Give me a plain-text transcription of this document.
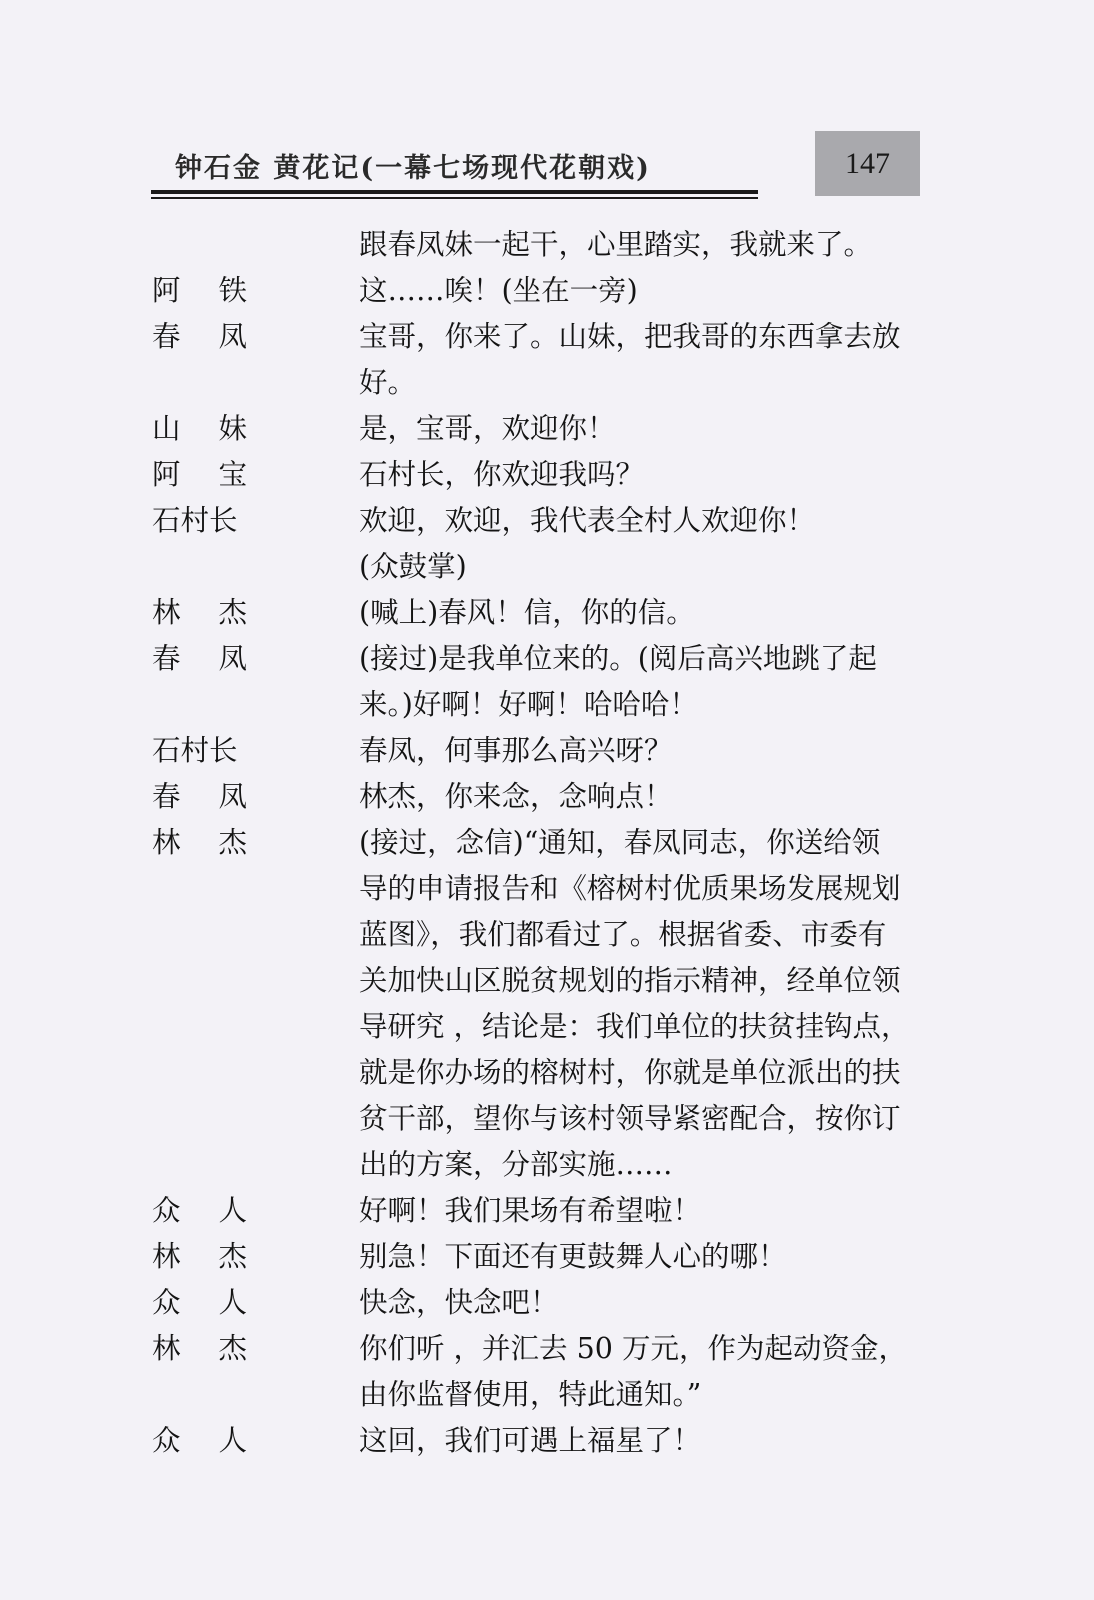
钟石金 黄花记(一幕七场现代花朝戏)	147
跟春凤妹一起干，心里踏实，我就来了。
阿铁	这……唉！(坐在一旁)
春凤	宝哥，你来了。山妹，把我哥的东西拿去放
好。
山妹	是，宝哥，欢迎你！
阿宝	石村长，你欢迎我吗？
石村长	欢迎，欢迎，我代表全村人欢迎你！
(众鼓掌)
林杰	(喊上)春风！信，你的信。
春凤	(接过)是我单位来的。(阅后高兴地跳了起
来。)好啊！好啊！哈哈哈！
石村长	春凤，何事那么高兴呀？
春凤	林杰，你来念，念响点！
林杰	(接过，念信)“通知，春凤同志，你送给领
导的申请报告和《榕树村优质果场发展规划
蓝图》，我们都看过了。根据省委、市委有
关加快山区脱贫规划的指示精神，经单位领
导研究 ，结论是：我们单位的扶贫挂钩点，
就是你办场的榕树村，你就是单位派出的扶
贫干部，望你与该村领导紧密配合，按你订
出的方案，分部实施……
众人	好啊！我们果场有希望啦！
林杰	别急！下面还有更鼓舞人心的哪！
众人	快念，快念吧！
林杰	你们听 ，并汇去 50 万元，作为起动资金，
由你监督使用，特此通知。”
众人	这回，我们可遇上福星了！
